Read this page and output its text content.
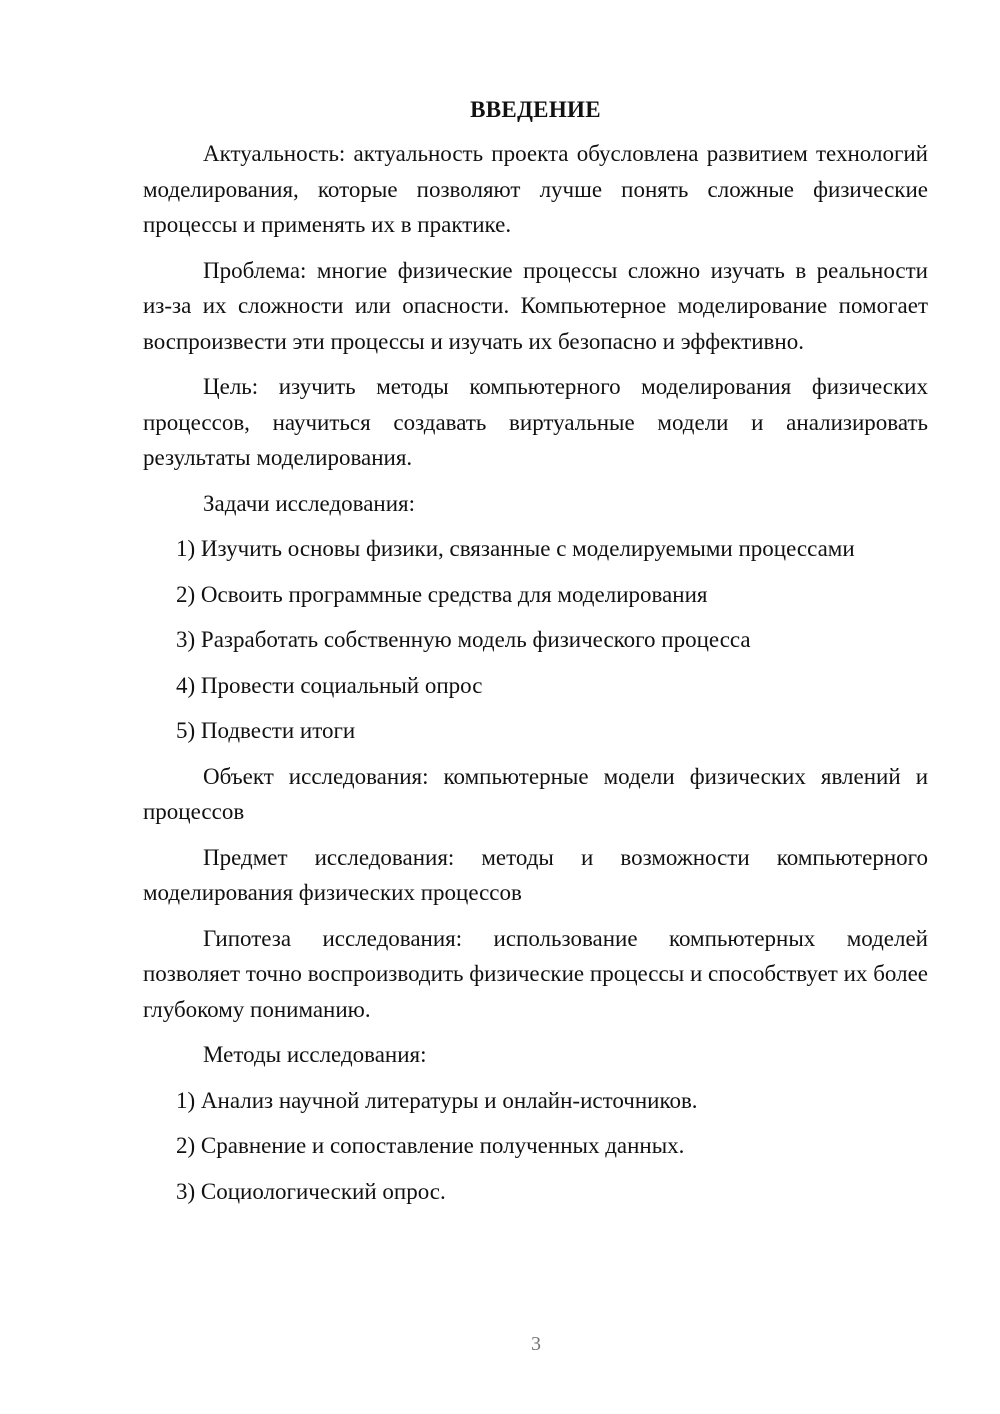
ВВЕДЕНИЕ

Актуальность: актуальность проекта обусловлена развитием технологий моделирования, которые позволяют лучше понять сложные физические процессы и применять их в практике.

Проблема: многие физические процессы сложно изучать в реальности из-за их сложности или опасности. Компьютерное моделирование помогает воспроизвести эти процессы и изучать их безопасно и эффективно.

Цель: изучить методы компьютерного моделирования физических процессов, научиться создавать виртуальные модели и анализировать результаты моделирования.

Задачи исследования:

1) Изучить основы физики, связанные с моделируемыми процессами
2) Освоить программные средства для моделирования
3) Разработать собственную модель физического процесса
4) Провести социальный опрос
5) Подвести итоги

Объект исследования: компьютерные модели физических явлений и процессов

Предмет исследования: методы и возможности компьютерного моделирования физических процессов

Гипотеза исследования: использование компьютерных моделей позволяет точно воспроизводить физические процессы и способствует их более глубокому пониманию.

Методы исследования:

1) Анализ научной литературы и онлайн-источников.
2) Сравнение и сопоставление полученных данных.
3) Социологический опрос.
3
